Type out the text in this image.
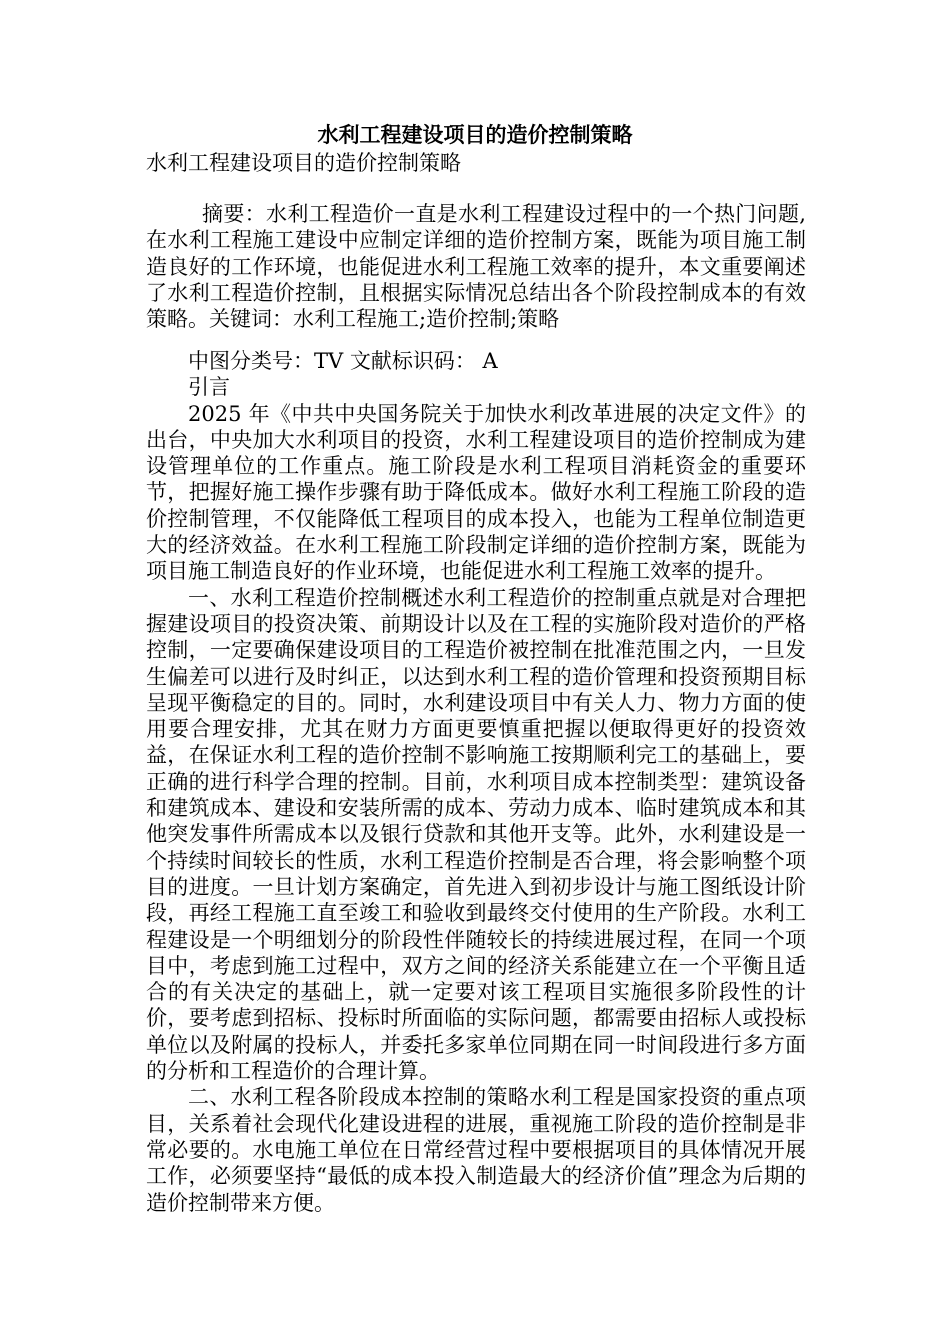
水利工程建设项目的造价控制策略
水利工程建设项目的造价控制策略

摘要：水利工程造价一直是水利工程建设过程中的一个热门问题,在水利工程施工建设中应制定详细的造价控制方案，既能为项目施工制造良好的工作环境，也能促进水利工程施工效率的提升，本文重要阐述了水利工程造价控制，且根据实际情况总结出各个阶段控制成本的有效策略。关键词：水利工程施工;造价控制;策略

中图分类号：TV 文献标识码： A

引言

2025 年《中共中央国务院关于加快水利改革进展的决定文件》的出台，中央加大水利项目的投资，水利工程建设项目的造价控制成为建设管理单位的工作重点。施工阶段是水利工程项目消耗资金的重要环节，把握好施工操作步骤有助于降低成本。做好水利工程施工阶段的造价控制管理，不仅能降低工程项目的成本投入，也能为工程单位制造更大的经济效益。在水利工程施工阶段制定详细的造价控制方案，既能为项目施工制造良好的作业环境，也能促进水利工程施工效率的提升。

一、水利工程造价控制概述水利工程造价的控制重点就是对合理把握建设项目的投资决策、前期设计以及在工程的实施阶段对造价的严格控制，一定要确保建设项目的工程造价被控制在批准范围之内，一旦发生偏差可以进行及时纠正，以达到水利工程的造价管理和投资预期目标呈现平衡稳定的目的。同时，水利建设项目中有关人力、物力方面的使用要合理安排，尤其在财力方面更要慎重把握以便取得更好的投资效益，在保证水利工程的造价控制不影响施工按期顺利完工的基础上，要正确的进行科学合理的控制。目前，水利项目成本控制类型：建筑设备和建筑成本、建设和安装所需的成本、劳动力成本、临时建筑成本和其他突发事件所需成本以及银行贷款和其他开支等。此外，水利建设是一个持续时间较长的性质，水利工程造价控制是否合理，将会影响整个项目的进度。一旦计划方案确定，首先进入到初步设计与施工图纸设计阶段，再经工程施工直至竣工和验收到最终交付使用的生产阶段。水利工程建设是一个明细划分的阶段性伴随较长的持续进展过程，在同一个项目中，考虑到施工过程中，双方之间的经济关系能建立在一个平衡且适合的有关决定的基础上，就一定要对该工程项目实施很多阶段性的计价，要考虑到招标、投标时所面临的实际问题，都需要由招标人或投标单位以及附属的投标人，并委托多家单位同期在同一时间段进行多方面的分析和工程造价的合理计算。

二、水利工程各阶段成本控制的策略水利工程是国家投资的重点项目，关系着社会现代化建设进程的进展，重视施工阶段的造价控制是非常必要的。水电施工单位在日常经营过程中要根据项目的具体情况开展工作，必须要坚持“最低的成本投入制造最大的经济价值”理念为后期的造价控制带来方便。
